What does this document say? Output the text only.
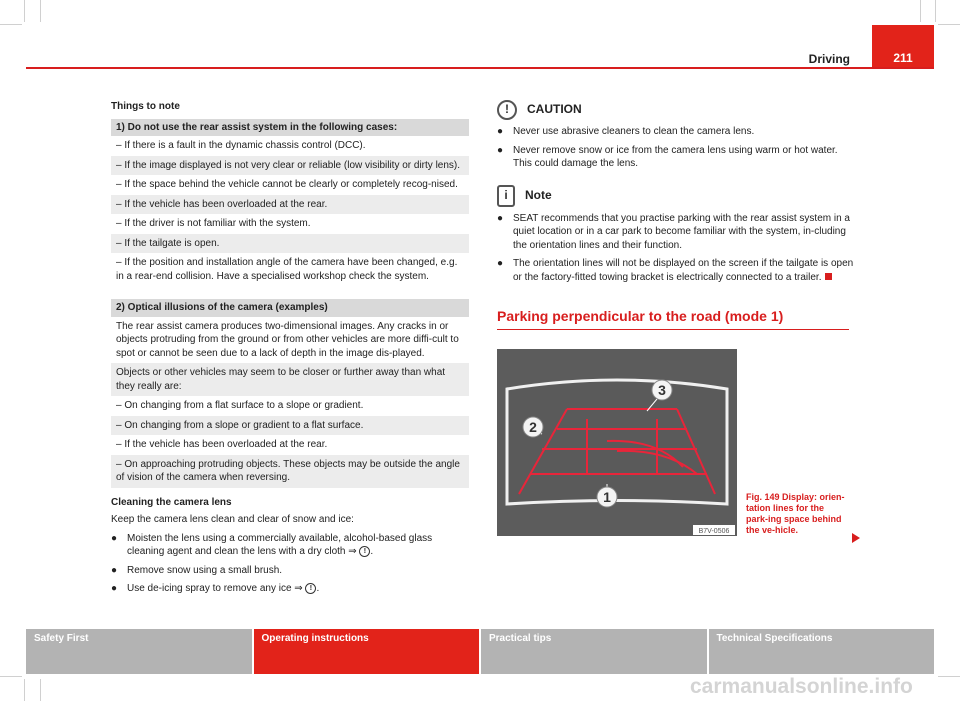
Driving	211
Things to note
1) Do not use the rear assist system in the following cases:
– If there is a fault in the dynamic chassis control (DCC).
– If the image displayed is not very clear or reliable (low visibility or dirty lens).
– If the space behind the vehicle cannot be clearly or completely recog-nised.
– If the vehicle has been overloaded at the rear.
– If the driver is not familiar with the system.
– If the tailgate is open.
– If the position and installation angle of the camera have been changed, e.g. in a rear-end collision. Have a specialised workshop check the system.
2) Optical illusions of the camera (examples)
The rear assist camera produces two-dimensional images. Any cracks in or objects protruding from the ground or from other vehicles are more diffi-cult to spot or cannot be seen due to a lack of depth in the image dis-played.
Objects or other vehicles may seem to be closer or further away than what they really are:
– On changing from a flat surface to a slope or gradient.
– On changing from a slope or gradient to a flat surface.
– If the vehicle has been overloaded at the rear.
– On approaching protruding objects. These objects may be outside the angle of vision of the camera when reversing.
Cleaning the camera lens
Keep the camera lens clean and clear of snow and ice:
● Moisten the lens using a commercially available, alcohol-based glass cleaning agent and clean the lens with a dry cloth ⇒ ! .
● Remove snow using a small brush.
● Use de-icing spray to remove any ice ⇒ ! .
!	CAUTION
● Never use abrasive cleaners to clean the camera lens.
● Never remove snow or ice from the camera lens using warm or hot water. This could damage the lens.
i	Note
● SEAT recommends that you practise parking with the rear assist system in a quiet location or in a car park to become familiar with the system, in-cluding the orientation lines and their function.
● The orientation lines will not be displayed on the screen if the tailgate is open or the factory-fitted towing bracket is electrically connected to a trailer.
Parking perpendicular to the road (mode 1)
1
2
3
B7V-0506
Fig. 149 Display: orien-tation lines for the park-ing space behind the ve-hicle.
Safety First	Operating instructions	Practical tips	Technical Specifications
carmanualsonline.info
